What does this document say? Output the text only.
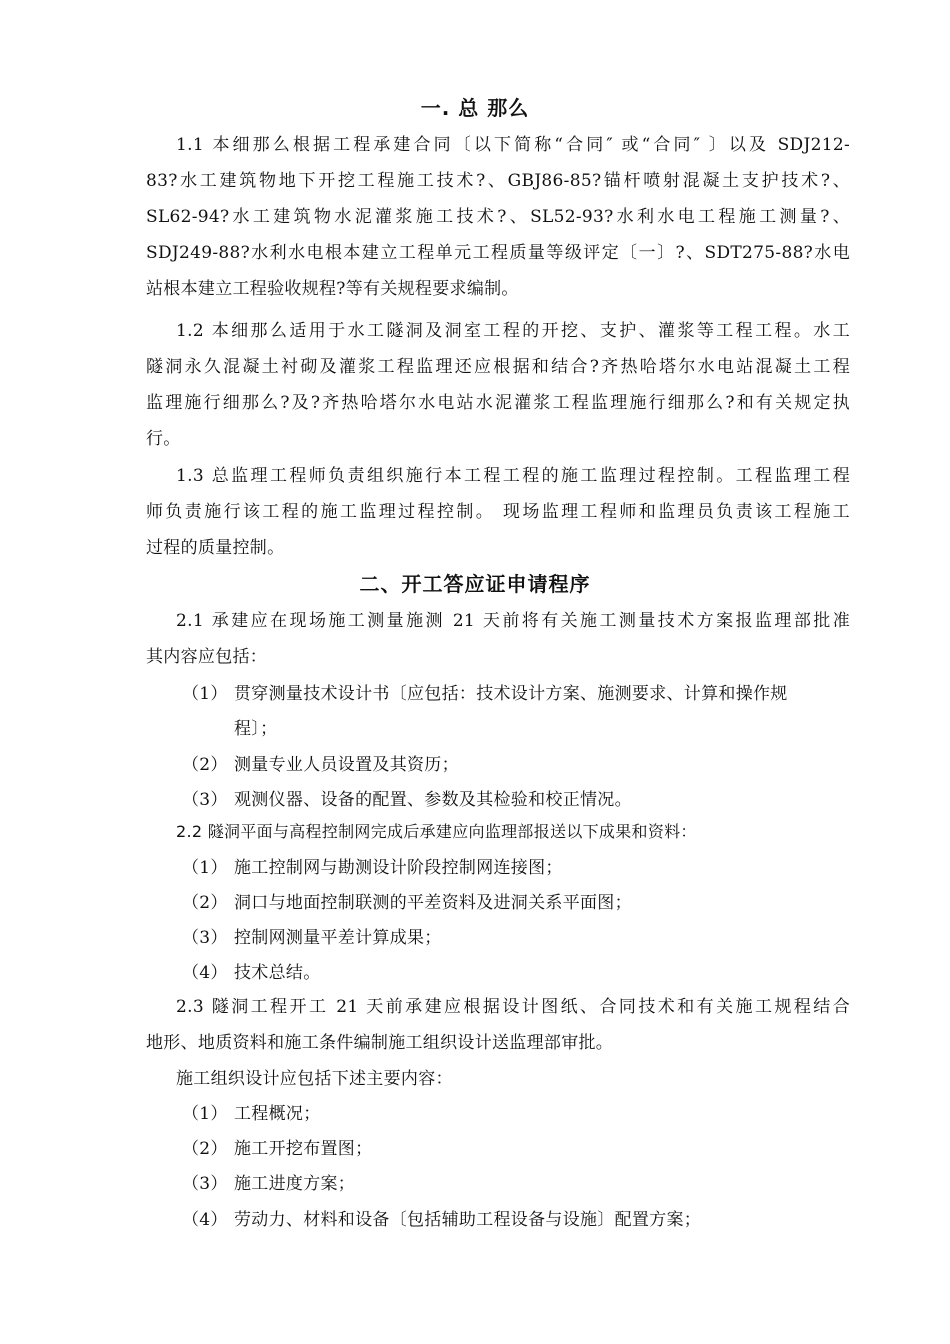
一. 总 那么
1.1 本细那么根据工程承建合同〔以下简称“合同″ 或“合同″ 〕以及 SDJ212-
83?水工建筑物地下开挖工程施工技术?、GBJ86-85?锚杆喷射混凝土支护技术?、
SL62-94?水工建筑物水泥灌浆施工技术?、SL52-93?水利水电工程施工测量?、
SDJ249-88?水利水电根本建立工程单元工程质量等级评定〔一〕?、SDT275-88?水电
站根本建立工程验收规程?等有关规程要求编制。
1.2 本细那么适用于水工隧洞及洞室工程的开挖、支护、灌浆等工程工程。水工
隧洞永久混凝土衬砌及灌浆工程监理还应根据和结合?齐热哈塔尔水电站混凝土工程
监理施行细那么?及?齐热哈塔尔水电站水泥灌浆工程监理施行细那么?和有关规定执
行。
1.3 总监理工程师负责组织施行本工程工程的施工监理过程控制。工程监理工程
师负责施行该工程的施工监理过程控制。 现场监理工程师和监理员负责该工程施工
过程的质量控制。
二、开工答应证申请程序
2.1 承建应在现场施工测量施测 21 天前将有关施工测量技术方案报监理部批准
其内容应包括：
（1） 贯穿测量技术设计书〔应包括：技术设计方案、施测要求、计算和操作规
程〕；
（2） 测量专业人员设置及其资历；
（3） 观测仪器、设备的配置、参数及其检验和校正情况。
2.2 隧洞平面与高程控制网完成后承建应向监理部报送以下成果和资料：
（1） 施工控制网与勘测设计阶段控制网连接图；
（2） 洞口与地面控制联测的平差资料及进洞关系平面图；
（3） 控制网测量平差计算成果；
（4） 技术总结。
2.3 隧洞工程开工 21 天前承建应根据设计图纸、合同技术和有关施工规程结合
地形、地质资料和施工条件编制施工组织设计送监理部审批。
施工组织设计应包括下述主要内容：
（1） 工程概况；
（2） 施工开挖布置图；
（3） 施工进度方案；
（4） 劳动力、材料和设备〔包括辅助工程设备与设施〕配置方案；
